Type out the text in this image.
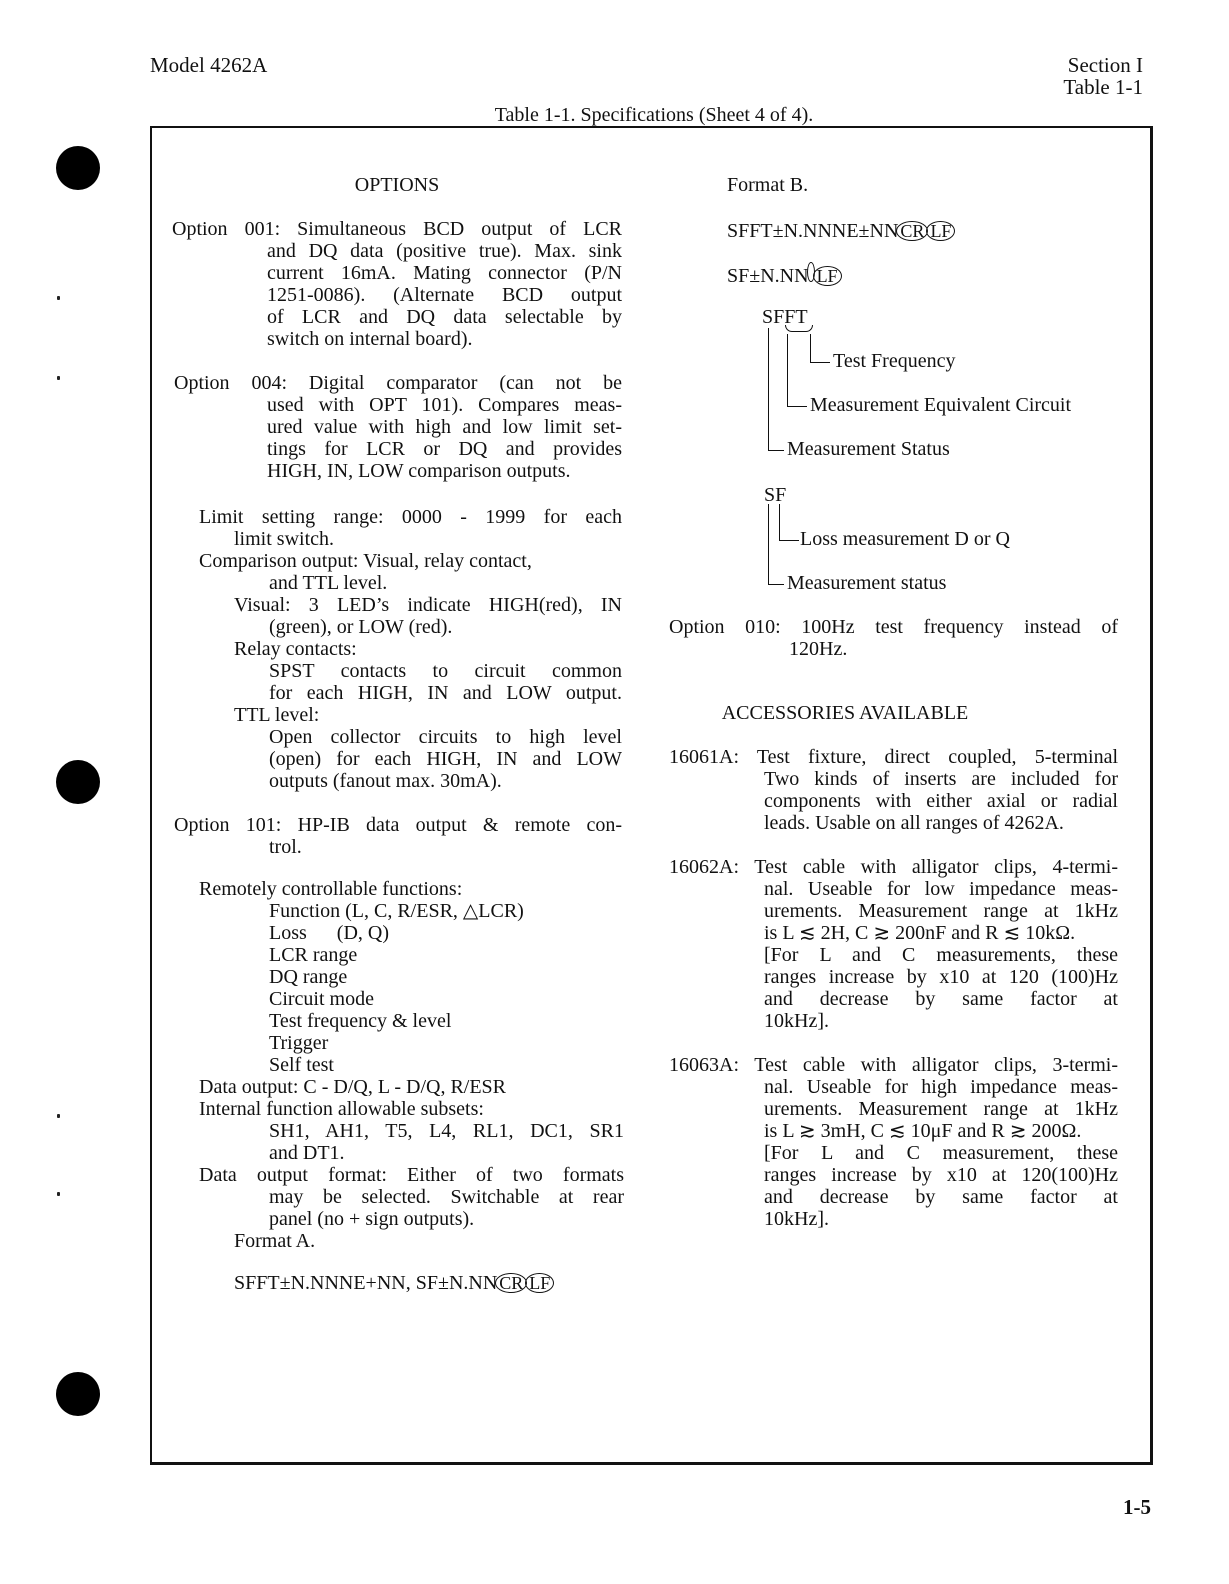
Model 4262A	Section I
Table 1-1
Table 1-1. Specifications (Sheet 4 of 4).
OPTIONS
Option 001: Simultaneous BCD output of LCR
and DQ data (positive true). Max. sink
current 16mA. Mating connector (P/N
1251-0086). (Alternate BCD output
of LCR and DQ data selectable by
switch on internal board).
Option 004: Digital comparator (can not be
used with OPT 101). Compares meas-
ured value with high and low limit set-
tings for LCR or DQ and provides
HIGH, IN, LOW comparison outputs.
Limit setting range: 0000 - 1999 for each
limit switch.
Comparison output: Visual, relay contact,
and TTL level.
Visual: 3 LED’s indicate HIGH(red), IN
(green), or LOW (red).
Relay contacts:
SPST contacts to circuit common
for each HIGH, IN and LOW output.
TTL level:
Open collector circuits to high level
(open) for each HIGH, IN and LOW
outputs (fanout max. 30mA).
Option 101: HP-IB data output & remote con-
trol.
Remotely controllable functions:
Function (L, C, R/ESR, △LCR)
Loss      (D, Q)
LCR range
DQ range
Circuit mode
Test frequency & level
Trigger
Self test
Data output: C - D/Q, L - D/Q, R/ESR
Internal function allowable subsets:
SH1, AH1, T5, L4, RL1, DC1, SR1
and DT1.
Data output format: Either of two formats
may be selected. Switchable at rear
panel (no + sign outputs).
Format A.
SFFT±N.NNNE+NN, SF±N.NN CR LF
Format B.
SFFT±N.NNNE±NN CR LF
SF±N.NN LF
SFFT
Test Frequency
Measurement Equivalent Circuit
Measurement Status
SF
Loss measurement D or Q
Measurement status
Option 010: 100Hz test frequency instead of
120Hz.
ACCESSORIES AVAILABLE
16061A: Test fixture, direct coupled, 5-terminal
Two kinds of inserts are included for
components with either axial or radial
leads. Usable on all ranges of 4262A.
16062A: Test cable with alligator clips, 4-termi-
nal. Useable for low impedance meas-
urements. Measurement range at 1kHz
is L ≲ 2H, C ≳ 200nF and R ≲ 10kΩ.
[For L and C measurements, these
ranges increase by x10 at 120 (100)Hz
and decrease by same factor at
10kHz].
16063A: Test cable with alligator clips, 3-termi-
nal. Useable for high impedance meas-
urements. Measurement range at 1kHz
is L ≳ 3mH, C ≲ 10μF and R ≳ 200Ω.
[For L and C measurement, these
ranges increase by x10 at 120(100)Hz
and decrease by same factor at
10kHz].
1-5
